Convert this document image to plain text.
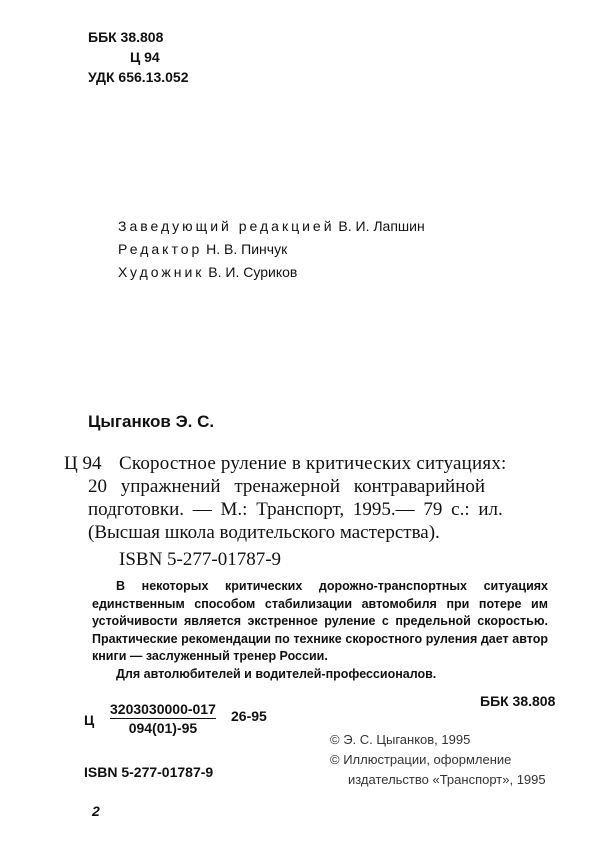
ББК 38.808
Ц 94
УДК 656.13.052
Заведующий редакцией В. И. Лапшин
Редактор Н. В. Пинчук
Художник В. И. Суриков
Цыганков Э. С.
Ц 94 Скоростное руление в критических ситуациях:
20 упражнений тренажерной контраварийной
подготовки. — М.: Транспорт, 1995.— 79 с.: ил.
(Высшая школа водительского мастерства).
ISBN 5-277-01787-9

В некоторых критических дорожно-транспортных ситуациях единственным способом стабилизации автомобиля при потере им устойчивости является экстренное руление с предельной скоростью. Практические рекомендации по технике скоростного руления дает автор книги — заслуженный тренер России.

Для автолюбителей и водителей-профессионалов.

ББК 38.808
Ц $\frac{3203030000-017}{094(01)-95} 26-95$
© Э. С. Цыганков, 1995
© Иллюстрации, оформление
издательство «Транспорт», 1995
ISBN 5-277-01787-9
2
